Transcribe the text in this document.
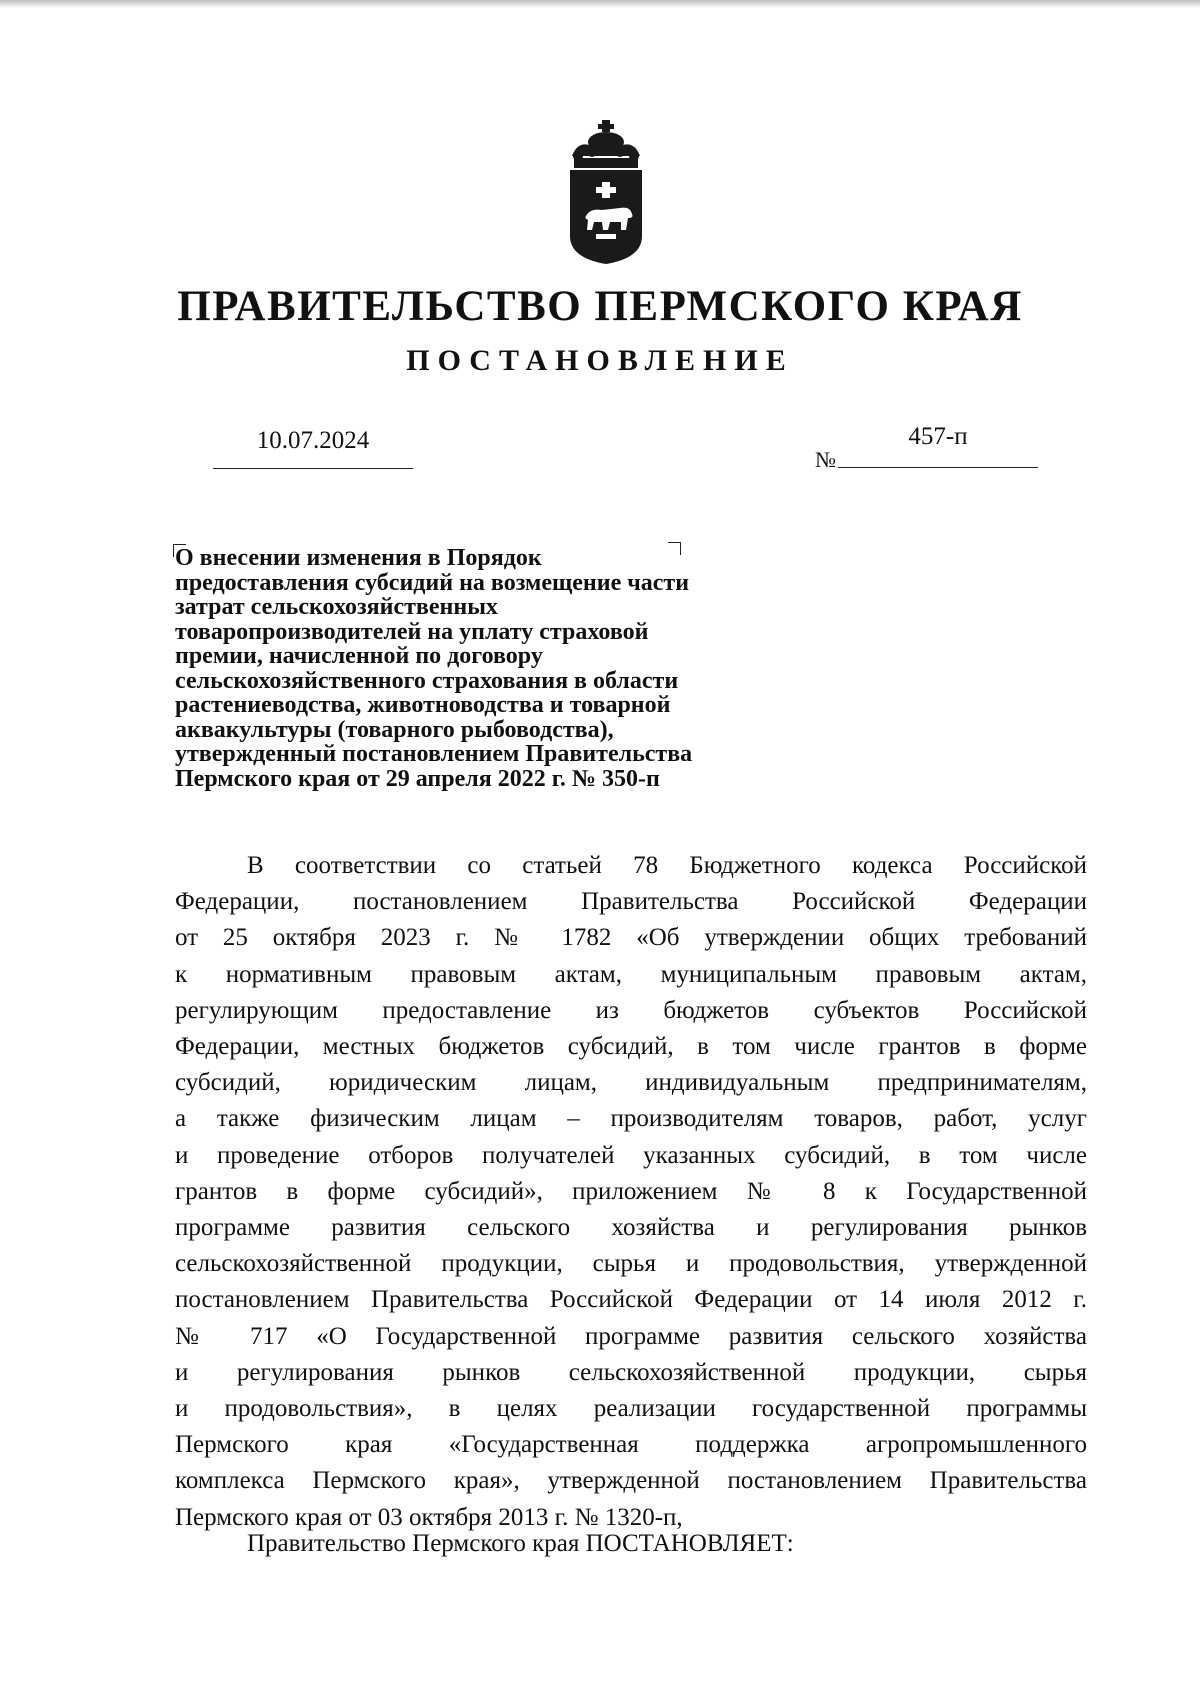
ПРАВИТЕЛЬСТВО ПЕРМСКОГО КРАЯ
ПОСТАНОВЛЕНИЕ
10.07.2024
№
457-п
О внесении изменения в Порядок
предоставления субсидий на возмещение части
затрат сельскохозяйственных
товаропроизводителей на уплату страховой
премии, начисленной по договору
сельскохозяйственного страхования в области
растениеводства, животноводства и товарной
аквакультуры (товарного рыбоводства),
утвержденный постановлением Правительства
Пермского края от 29 апреля 2022 г. № 350-п
В соответствии со статьей 78 Бюджетного кодекса Российской
Федерации, постановлением Правительства Российской Федерации
от 25 октября 2023 г. № 1782 «Об утверждении общих требований
к нормативным правовым актам, муниципальным правовым актам,
регулирующим предоставление из бюджетов субъектов Российской
Федерации, местных бюджетов субсидий, в том числе грантов в форме
субсидий, юридическим лицам, индивидуальным предпринимателям,
а также физическим лицам – производителям товаров, работ, услуг
и проведение отборов получателей указанных субсидий, в том числе
грантов в форме субсидий», приложением № 8 к Государственной
программе развития сельского хозяйства и регулирования рынков
сельскохозяйственной продукции, сырья и продовольствия, утвержденной
постановлением Правительства Российской Федерации от 14 июля 2012 г.
№ 717 «О Государственной программе развития сельского хозяйства
и регулирования рынков сельскохозяйственной продукции, сырья
и продовольствия», в целях реализации государственной программы
Пермского края «Государственная поддержка агропромышленного
комплекса Пермского края», утвержденной постановлением Правительства
Пермского края от 03 октября 2013 г. № 1320-п,

Правительство Пермского края ПОСТАНОВЛЯЕТ:
